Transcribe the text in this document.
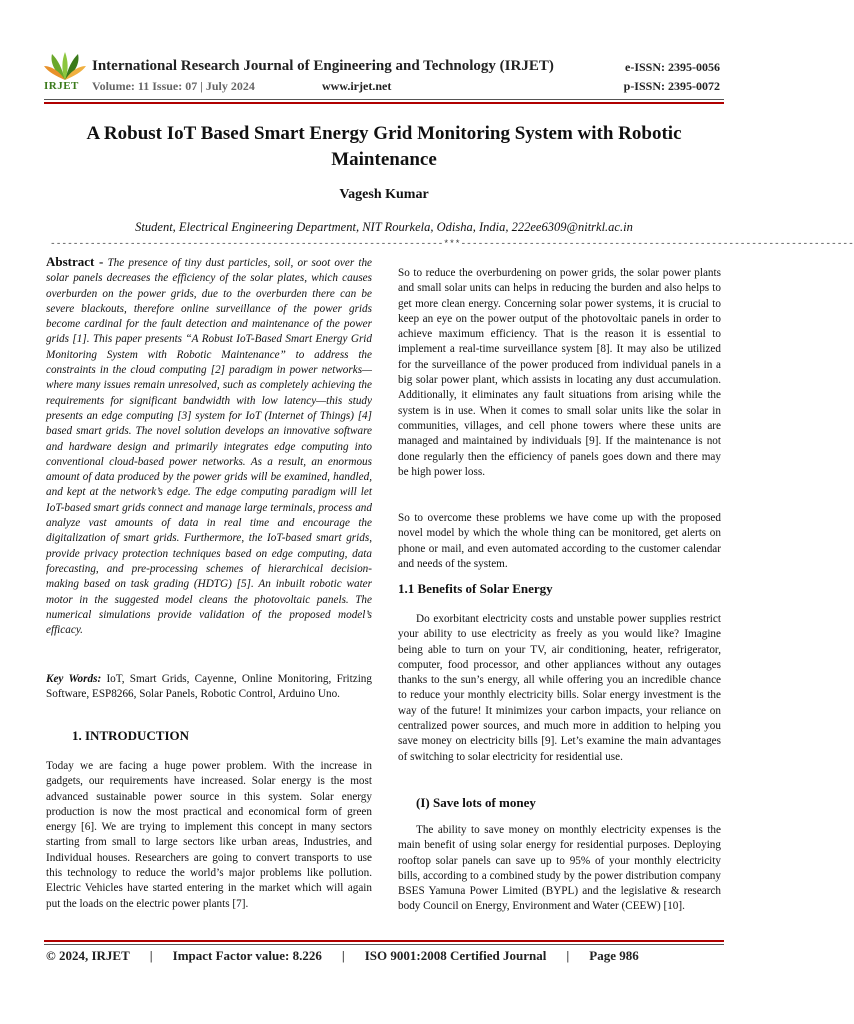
IRJET
International Research Journal of Engineering and Technology (IRJET)
Volume: 11 Issue: 07 | July 2024	www.irjet.net
e-ISSN: 2395-0056
p-ISSN: 2395-0072
A Robust IoT Based Smart Energy Grid Monitoring System with Robotic
Maintenance
Vagesh Kumar
Student, Electrical Engineering Department, NIT Rourkela, Odisha, India, 222ee6309@nitrkl.ac.in
---------------------------------------------------------------------***---------------------------------------------------------------------
Abstract - The presence of tiny dust particles, soil, or soot over the solar panels decreases the efficiency of the solar plates, which causes overburden on the power grids, due to the overburden there can be severe blackouts, therefore online surveillance of the power grids become cardinal for the fault detection and maintenance of the power grids [1]. This paper presents “A Robust IoT-Based Smart Energy Grid Monitoring System with Robotic Maintenance” to address the constraints in the cloud computing [2] paradigm in power networks—where many issues remain unresolved, such as completely achieving the requirements for significant bandwidth with low latency—this study presents an edge computing [3] system for IoT (Internet of Things) [4] based smart grids. The novel solution develops an innovative software and hardware design and primarily integrates edge computing into conventional cloud-based power networks. As a result, an enormous amount of data produced by the power grids will be examined, handled, and kept at the network’s edge. The edge computing paradigm will let IoT-based smart grids connect and manage large terminals, process and analyze vast amounts of data in real time and encourage the digitalization of smart grids. Furthermore, the IoT-based smart grids, provide privacy protection techniques based on edge computing, data forecasting, and pre-processing schemes of hierarchical decision-making based on task grading (HDTG) [5]. An inbuilt robotic water motor in the suggested model cleans the photovoltaic panels. The numerical simulations provide validation of the proposed model’s efficacy.
Key Words: IoT, Smart Grids, Cayenne, Online Monitoring, Fritzing Software, ESP8266, Solar Panels, Robotic Control, Arduino Uno.
1. INTRODUCTION
Today we are facing a huge power problem. With the increase in gadgets, our requirements have increased. Solar energy is the most advanced sustainable power source in this system. Solar energy production is now the most practical and economical form of green energy [6]. We are trying to implement this concept in many sectors starting from small to large sectors like urban areas, Industries, and Individual houses. Researchers are going to convert transports to use this technology to reduce the world’s major problems like pollution. Electric Vehicles have started entering in the market which will again put the loads on the electric power plants [7].
So to reduce the overburdening on power grids, the solar power plants and small solar units can helps in reducing the burden and also helps to get more clean energy. Concerning solar power systems, it is crucial to keep an eye on the power output of the photovoltaic panels in order to achieve maximum efficiency. That is the reason it is essential to implement a real-time surveillance system [8]. It may also be utilized for the surveillance of the power produced from individual panels in a big solar power plant, which assists in locating any dust accumulation. Additionally, it eliminates any fault situations from arising while the system is in use. When it comes to small solar units like the solar in communities, villages, and cell phone towers where these units are managed and maintained by individuals [9]. If the maintenance is not done regularly then the efficiency of panels goes down and there may be high power loss.
So to overcome these problems we have come up with the proposed novel model by which the whole thing can be monitored, get alerts on phone or mail, and even automated according to the customer calendar and needs of the system.
1.1 Benefits of Solar Energy
Do exorbitant electricity costs and unstable power supplies restrict your ability to use electricity as freely as you would like? Imagine being able to turn on your TV, air conditioning, heater, refrigerator, computer, food processor, and other appliances without any outages thanks to the sun’s energy, all while offering you an incredible chance to reduce your monthly electricity bills. Solar energy investment is the way of the future! It minimizes your carbon impacts, your reliance on centralized power sources, and much more in addition to helping you save money on electricity bills [9]. Let’s examine the main advantages of switching to solar electricity for residential use.
(I) Save lots of money
The ability to save money on monthly electricity expenses is the main benefit of using solar energy for residential purposes. Deploying rooftop solar panels can save up to 95% of your monthly electricity bills, according to a combined study by the power distribution company BSES Yamuna Power Limited (BYPL) and the legislative & research body Council on Energy, Environment and Water (CEEW) [10].
© 2024, IRJET | Impact Factor value: 8.226 | ISO 9001:2008 Certified Journal | Page 986
